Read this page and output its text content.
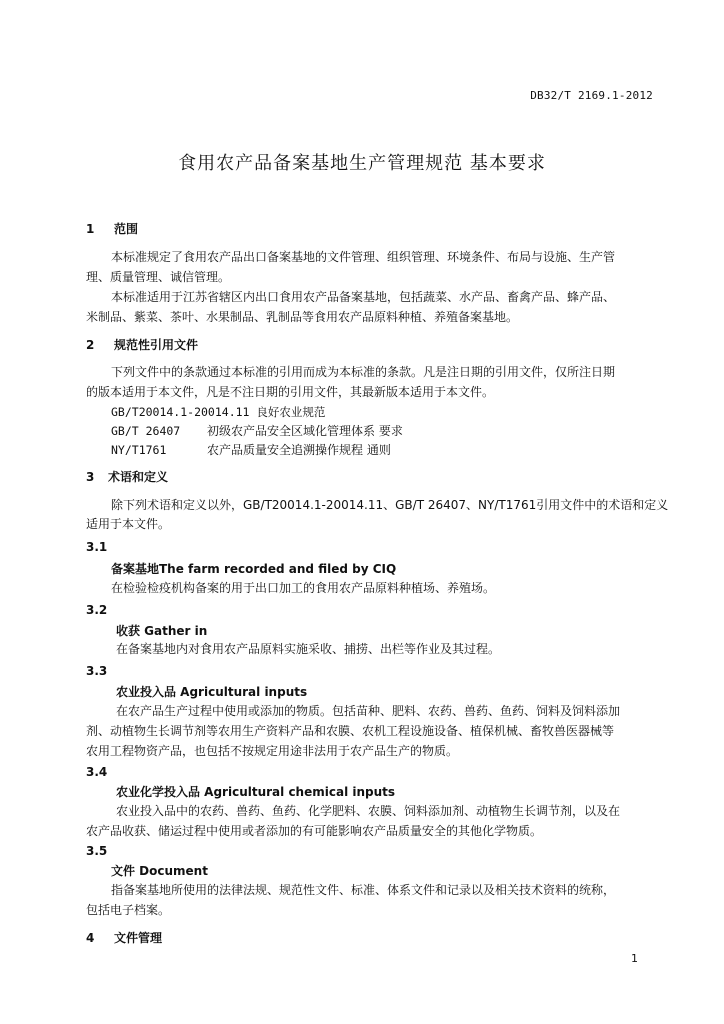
DB32/T 2169.1-2012
食用农产品备案基地生产管理规范 基本要求
1 范围
本标准规定了食用农产品出口备案基地的文件管理、组织管理、环境条件、布局与设施、生产管
理、质量管理、诚信管理。
本标准适用于江苏省辖区内出口食用农产品备案基地，包括蔬菜、水产品、畜禽产品、蜂产品、
米制品、紫菜、茶叶、水果制品、乳制品等食用农产品原料种植、养殖备案基地。
2 规范性引用文件
下列文件中的条款通过本标准的引用而成为本标准的条款。凡是注日期的引用文件，仅所注日期
的版本适用于本文件，凡是不注日期的引用文件，其最新版本适用于本文件。
GB/T20014.1-20014.11 良好农业规范
GB/T 26407 初级农产品安全区域化管理体系 要求
NY/T1761	农产品质量安全追溯操作规程 通则
3 术语和定义
除下列术语和定义以外，GB/T20014.1-20014.11、GB/T 26407、NY/T1761引用文件中的术语和定义
适用于本文件。
3.1
备案基地The farm recorded and filed by CIQ
在检验检疫机构备案的用于出口加工的食用农产品原料种植场、养殖场。
3.2
收获 Gather in
在备案基地内对食用农产品原料实施采收、捕捞、出栏等作业及其过程。
3.3
农业投入品 Agricultural inputs
在农产品生产过程中使用或添加的物质。包括苗种、肥料、农药、兽药、鱼药、饲料及饲料添加
剂、动植物生长调节剂等农用生产资料产品和农膜、农机工程设施设备、植保机械、畜牧兽医器械等
农用工程物资产品，也包括不按规定用途非法用于农产品生产的物质。
3.4
农业化学投入品 Agricultural chemical inputs
农业投入品中的农药、兽药、鱼药、化学肥料、农膜、饲料添加剂、动植物生长调节剂，以及在
农产品收获、储运过程中使用或者添加的有可能影响农产品质量安全的其他化学物质。
3.5
文件 Document
指备案基地所使用的法律法规、规范性文件、标准、体系文件和记录以及相关技术资料的统称，
包括电子档案。
4 文件管理
1
